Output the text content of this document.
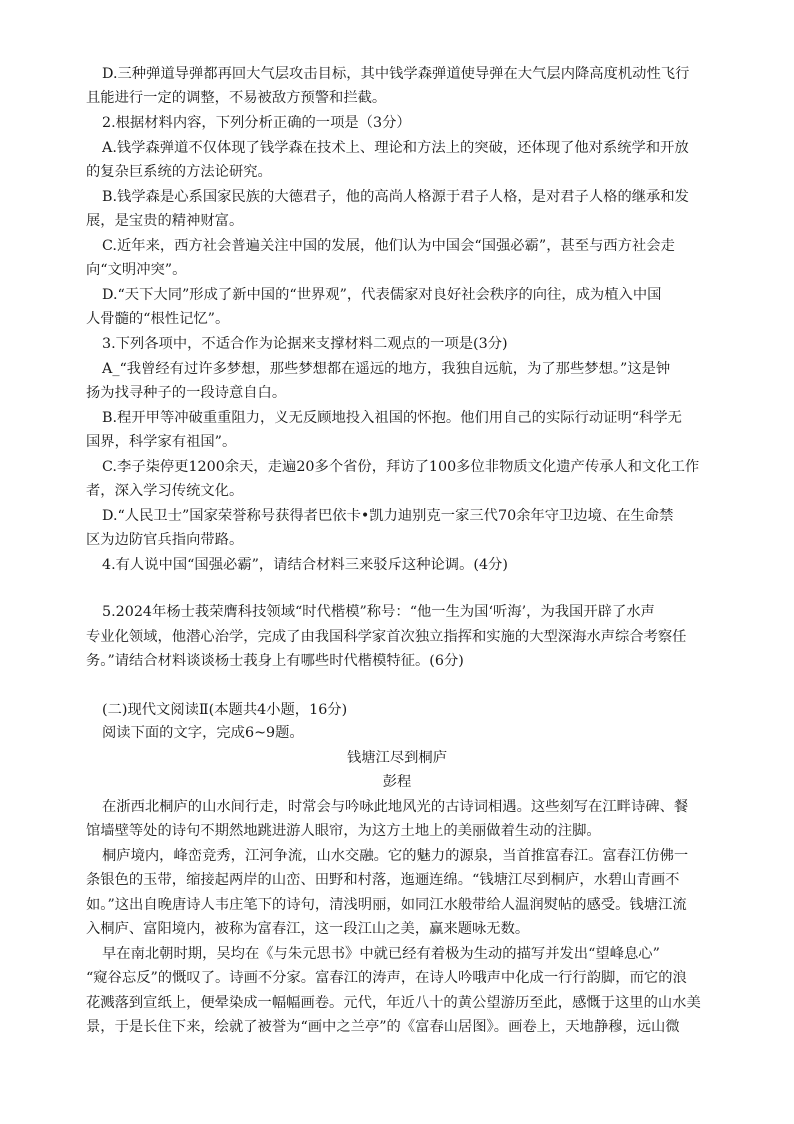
D.三种弹道导弹都再回大气层攻击目标，其中钱学森弹道使导弹在大气层内降高度机动性飞行
且能进行一定的调整，不易被敌方预警和拦截。
2.根据材料内容，下列分析正确的一项是（3分）
A.钱学森弹道不仅体现了钱学森在技术上、理论和方法上的突破，还体现了他对系统学和开放
的复杂巨系统的方法论研究。
B.钱学森是心系国家民族的大德君子，他的高尚人格源于君子人格，是对君子人格的继承和发
展，是宝贵的精神财富。
C.近年来，西方社会普遍关注中国的发展，他们认为中国会“国强必霸”，甚至与西方社会走
向“文明冲突”。
D.“天下大同”形成了新中国的“世界观”，代表儒家对良好社会秩序的向往，成为植入中国
人骨髓的“根性记忆”。
3.下列各项中，不适合作为论据来支撑材料二观点的一项是(3分)
A_“我曾经有过许多梦想，那些梦想都在遥远的地方，我独自远航，为了那些梦想。”这是钟
扬为找寻种子的一段诗意自白。
B.程开甲等冲破重重阻力，义无反顾地投入祖国的怀抱。他们用自己的实际行动证明“科学无
国界，科学家有祖国”。
C.李子柒停更1200余天，走遍20多个省份，拜访了100多位非物质文化遗产传承人和文化工作
者，深入学习传统文化。
D.“人民卫士”国家荣誉称号获得者巴依卡•凯力迪别克一家三代70余年守卫边境、在生命禁
区为边防官兵指向带路。
4.有人说中国“国强必霸”，请结合材料三来驳斥这种论调。(4分)
5.2024年杨士莪荣膺科技领域“时代楷模”称号：“他一生为国‘听海’，为我国开辟了水声
专业化领域，他潜心治学，完成了由我国科学家首次独立指挥和实施的大型深海水声综合考察任
务。”请结合材料谈谈杨士莪身上有哪些时代楷模特征。(6分)
(二)现代文阅读Ⅱ(本题共4小题，16分)
阅读下面的文字，完成6~9题。
钱塘江尽到桐庐
彭程
在浙西北桐庐的山水间行走，时常会与吟咏此地风光的古诗词相遇。这些刻写在江畔诗碑、餐
馆墙壁等处的诗句不期然地跳进游人眼帘，为这方土地上的美丽做着生动的注脚。
桐庐境内，峰峦竞秀，江河争流，山水交融。它的魅力的源泉，当首推富春江。富春江仿佛一
条银色的玉带，缩接起两岸的山峦、田野和村落，迤逦连绵。“钱塘江尽到桐庐，水碧山青画不
如。”这出自晚唐诗人韦庄笔下的诗句，清浅明丽，如同江水般带给人温润熨帖的感受。钱塘江流
入桐庐、富阳境内，被称为富春江，这一段江山之美，赢来题咏无数。
早在南北朝时期，吴均在《与朱元思书》中就已经有着极为生动的描写并发出“望峰息心”
“窥谷忘反”的慨叹了。诗画不分家。富春江的涛声，在诗人吟哦声中化成一行行韵脚，而它的浪
花溅落到宣纸上，便晕染成一幅幅画卷。元代，年近八十的黄公望游历至此，感慨于这里的山水美
景，于是长住下来，绘就了被誉为“画中之兰亭”的《富春山居图》。画卷上，天地静穆，远山微
